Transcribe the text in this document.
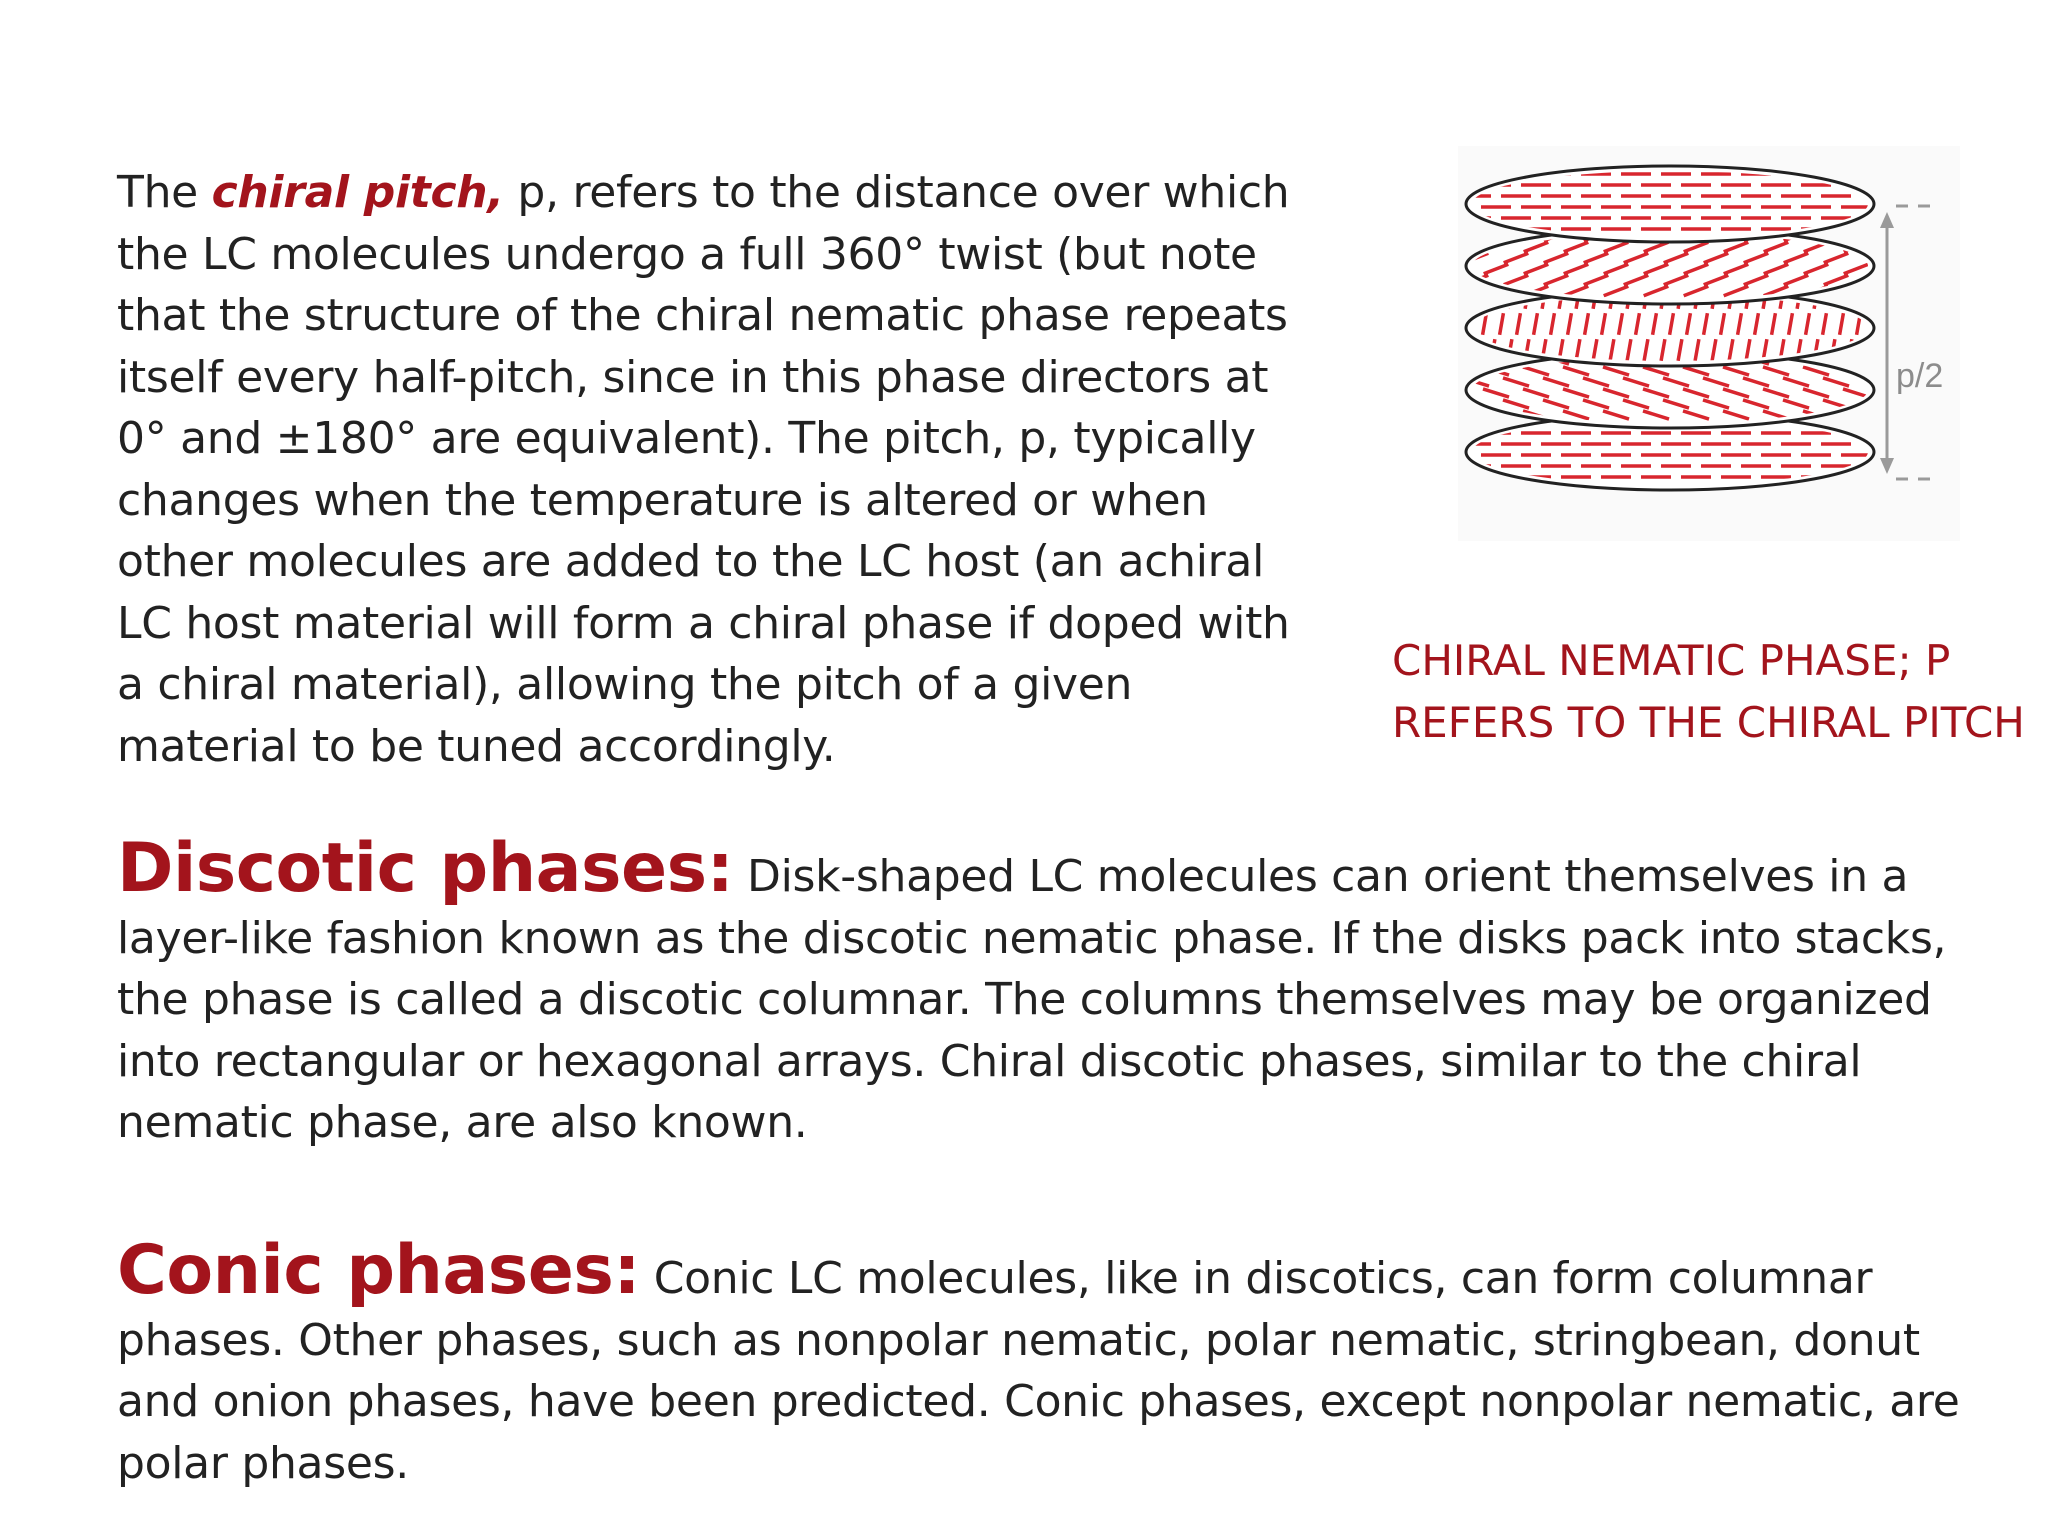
The chiral pitch, p, refers to the distance over which the LC molecules undergo a full 360° twist (but note that the structure of the chiral nematic phase repeats itself every half-pitch, since in this phase directors at 0° and ±180° are equivalent). The pitch, p, typically changes when the temperature is altered or when other molecules are added to the LC host (an achiral LC host material will form a chiral phase if doped with a chiral material), allowing the pitch of a given material to be tuned accordingly.

p/2
CHIRAL NEMATIC PHASE; P REFERS TO THE CHIRAL PITCH

Discotic phases: Disk-shaped LC molecules can orient themselves in a layer-like fashion known as the discotic nematic phase. If the disks pack into stacks, the phase is called a discotic columnar. The columns themselves may be organized into rectangular or hexagonal arrays. Chiral discotic phases, similar to the chiral nematic phase, are also known.

Conic phases: Conic LC molecules, like in discotics, can form columnar phases. Other phases, such as nonpolar nematic, polar nematic, stringbean, donut and onion phases, have been predicted. Conic phases, except nonpolar nematic, are polar phases.
